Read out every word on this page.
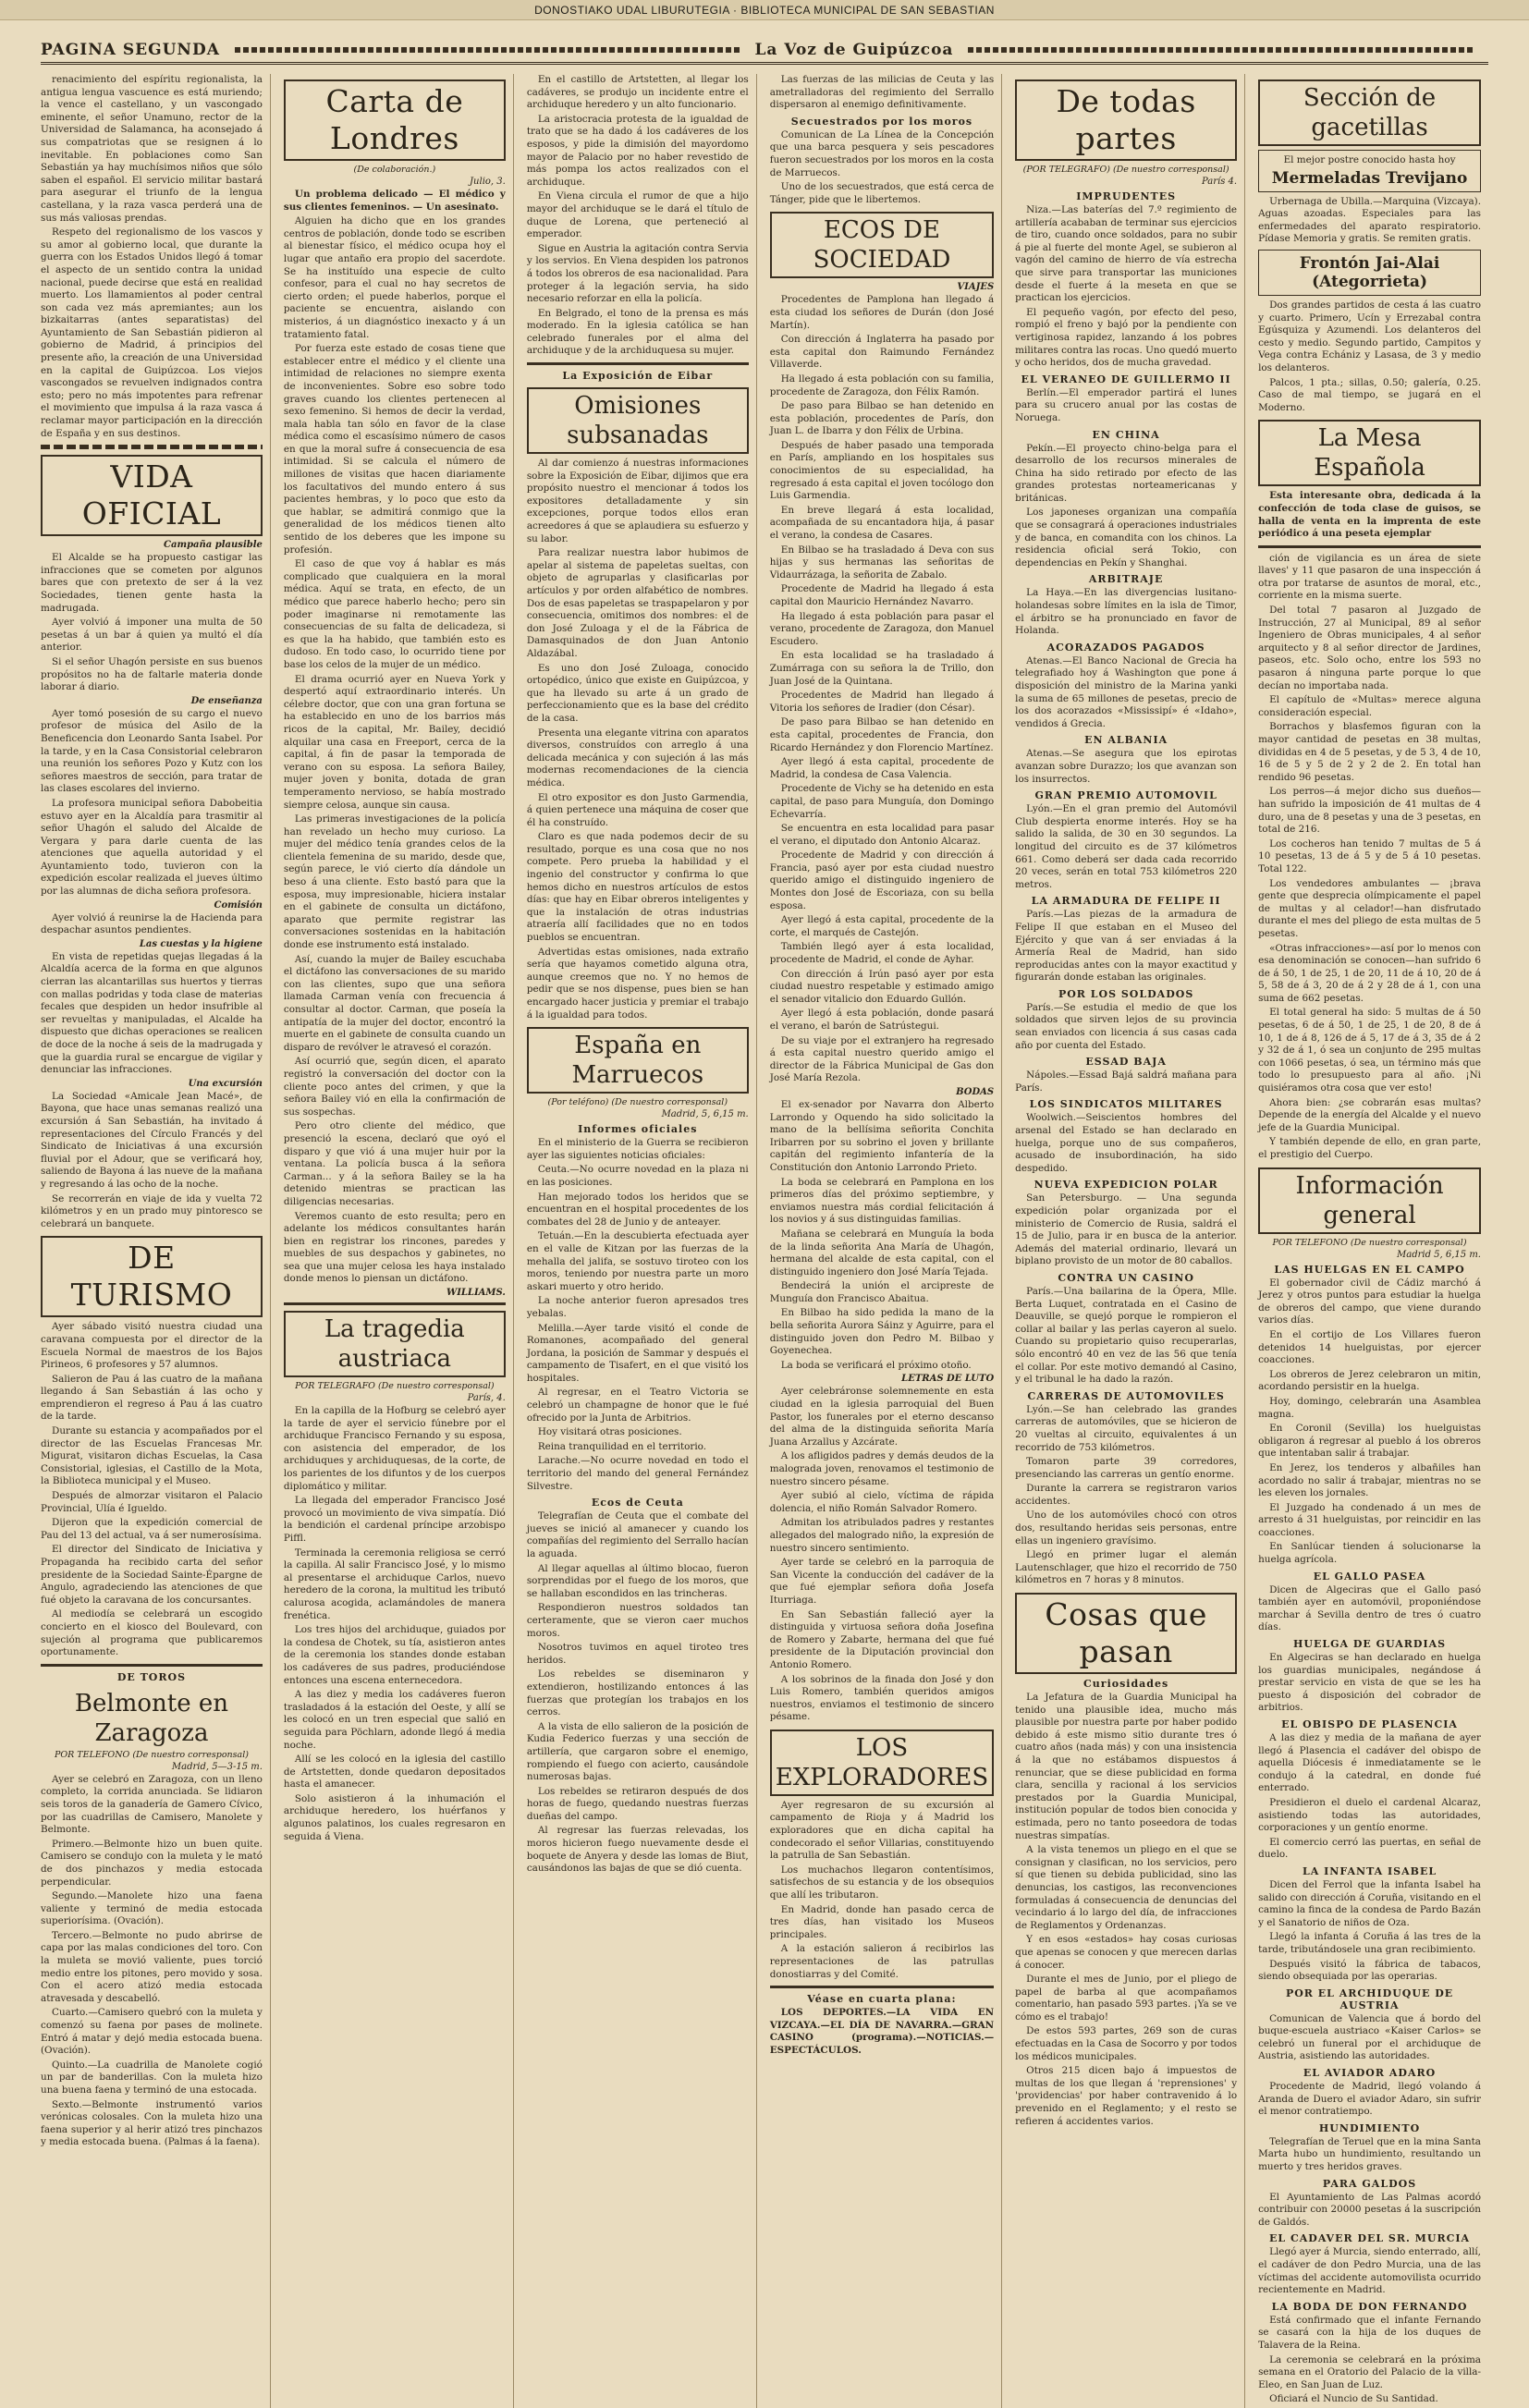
DONOSTIAKO UDAL LIBURUTEGIA · BIBLIOTECA MUNICIPAL DE SAN SEBASTIAN
PAGINA SEGUNDA	La Voz de Guipúzcoa

renacimiento del espíritu regionalista, la antigua lengua vascuence es está muriendo; la vence el castellano, y un vascongado eminente, el señor Unamuno, rector de la Universidad de Salamanca, ha aconsejado á sus compatriotas que se resignen á lo inevitable. En poblaciones como San Sebastián ya hay muchísimos niños que sólo saben el español. El servicio militar bastará para asegurar el triunfo de la lengua castellana, y la raza vasca perderá una de sus más valiosas prendas.

Respeto del regionalismo de los vascos y su amor al gobierno local, que durante la guerra con los Estados Unidos llegó á tomar el aspecto de un sentido contra la unidad nacional, puede decirse que está en realidad muerto. Los llamamientos al poder central son cada vez más apremiantes; aun los bizkaitarras (antes separatistas) del Ayuntamiento de San Sebastián pidieron al gobierno de Madrid, á principios del presente año, la creación de una Universidad en la capital de Guipúzcoa. Los viejos vascongados se revuelven indignados contra esto; pero no más impotentes para refrenar el movimiento que impulsa á la raza vasca á reclamar mayor participación en la dirección de España y en sus destinos.

VIDA OFICIAL
Campaña plausible

El Alcalde se ha propuesto castigar las infracciones que se cometen por algunos bares que con pretexto de ser á la vez Sociedades, tienen gente hasta la madrugada.

Ayer volvió á imponer una multa de 50 pesetas á un bar á quien ya multó el día anterior.

Si el señor Uhagón persiste en sus buenos propósitos no ha de faltarle materia donde laborar á diario.

De enseñanza

Ayer tomó posesión de su cargo el nuevo profesor de música del Asilo de la Beneficencia don Leonardo Santa Isabel. Por la tarde, y en la Casa Consistorial celebraron una reunión los señores Pozo y Kutz con los señores maestros de sección, para tratar de las clases escolares del invierno.

La profesora municipal señora Dabobeitia estuvo ayer en la Alcaldía para trasmitir al señor Uhagón el saludo del Alcalde de Vergara y para darle cuenta de las atenciones que aquella autoridad y el Ayuntamiento todo, tuvieron con la expedición escolar realizada el jueves último por las alumnas de dicha señora profesora.

Comisión

Ayer volvió á reunirse la de Hacienda para despachar asuntos pendientes.

Las cuestas y la higiene

En vista de repetidas quejas llegadas á la Alcaldía acerca de la forma en que algunos cierran las alcantarillas sus huertos y tierras con mallas podridas y toda clase de materias fecales que despiden un hedor insufrible al ser revueltas y manipuladas, el Alcalde ha dispuesto que dichas operaciones se realicen de doce de la noche á seis de la madrugada y que la guardia rural se encargue de vigilar y denunciar las infracciones.

Una excursión

La Sociedad «Amicale Jean Macé», de Bayona, que hace unas semanas realizó una excursión á San Sebastián, ha invitado á representaciones del Círculo Francés y del Sindicato de Iniciativas á una excursión fluvial por el Adour, que se verificará hoy, saliendo de Bayona á las nueve de la mañana y regresando á las ocho de la noche.

Se recorrerán en viaje de ida y vuelta 72 kilómetros y en un prado muy pintoresco se celebrará un banquete.

DE TURISMO

Ayer sábado visitó nuestra ciudad una caravana compuesta por el director de la Escuela Normal de maestros de los Bajos Pirineos, 6 profesores y 57 alumnos.

Salieron de Pau á las cuatro de la mañana llegando á San Sebastián á las ocho y emprendieron el regreso á Pau á las cuatro de la tarde.

Durante su estancia y acompañados por el director de las Escuelas Francesas Mr. Migurat, visitaron dichas Escuelas, la Casa Consistorial, iglesias, el Castillo de la Mota, la Biblioteca municipal y el Museo.

Después de almorzar visitaron el Palacio Provincial, Ulía é Igueldo.

Dijeron que la expedición comercial de Pau del 13 del actual, va á ser numerosísima.

El director del Sindicato de Iniciativa y Propaganda ha recibido carta del señor presidente de la Sociedad Sainte-Épargne de Angulo, agradeciendo las atenciones de que fué objeto la caravana de los concursantes.

Al mediodía se celebrará un escogido concierto en el kiosco del Boulevard, con sujeción al programa que publicaremos oportunamente.

DE TOROS
Belmonte en Zaragoza
POR TELEFONO (De nuestro corresponsal)
Madrid, 5—3-15 m.

Ayer se celebró en Zaragoza, con un lleno completo, la corrida anunciada. Se lidiaron seis toros de la ganadería de Gamero Cívico, por las cuadrillas de Camisero, Manolete y Belmonte.

Primero.—Belmonte hizo un buen quite. Camisero se condujo con la muleta y le mató de dos pinchazos y media estocada perpendicular.

Segundo.—Manolete hizo una faena valiente y terminó de media estocada superiorísima. (Ovación).

Tercero.—Belmonte no pudo abrirse de capa por las malas condiciones del toro. Con la muleta se movió valiente, pues torció medio entre los pitones, pero movido y sosa. Con el acero atizó media estocada atravesada y descabelló.

Cuarto.—Camisero quebró con la muleta y comenzó su faena por pases de molinete. Entró á matar y dejó media estocada buena. (Ovación).

Quinto.—La cuadrilla de Manolete cogió un par de banderillas. Con la muleta hizo una buena faena y terminó de una estocada.

Sexto.—Belmonte instrumentó varios verónicas colosales. Con la muleta hizo una faena superior y al herir atizó tres pinchazos y media estocada buena. (Palmas á la faena).

Carta de Londres
(De colaboración.)
Julio, 3.

Un problema delicado — El médico y sus clientes femeninos. — Un asesinato.

Alguien ha dicho que en los grandes centros de población, donde todo se escriben al bienestar físico, el médico ocupa hoy el lugar que antaño era propio del sacerdote. Se ha instituído una especie de culto confesor, para el cual no hay secretos de cierto orden; el puede haberlos, porque el paciente se encuentra, aislando con misterios, á un diagnóstico inexacto y á un tratamiento fatal.

Por fuerza este estado de cosas tiene que establecer entre el médico y el cliente una intimidad de relaciones no siempre exenta de inconvenientes. Sobre eso sobre todo graves cuando los clientes pertenecen al sexo femenino. Si hemos de decir la verdad, mala habla tan sólo en favor de la clase médica como el escasísimo número de casos en que la moral sufre á consecuencia de esa intimidad. Si se calcula el número de millones de visitas que hacen diariamente los facultativos del mundo entero á sus pacientes hembras, y lo poco que esto da que hablar, se admitirá conmigo que la generalidad de los médicos tienen alto sentido de los deberes que les impone su profesión.

El caso de que voy á hablar es más complicado que cualquiera en la moral médica. Aquí se trata, en efecto, de un médico que parece haberlo hecho; pero sin poder imaginarse ni remotamente las consecuencias de su falta de delicadeza, si es que la ha habido, que también esto es dudoso. En todo caso, lo ocurrido tiene por base los celos de la mujer de un médico.

El drama ocurrió ayer en Nueva York y despertó aquí extraordinario interés. Un célebre doctor, que con una gran fortuna se ha establecido en uno de los barrios más ricos de la capital, Mr. Bailey, decidió alquilar una casa en Freeport, cerca de la capital, á fin de pasar la temporada de verano con su esposa. La señora Bailey, mujer joven y bonita, dotada de gran temperamento nervioso, se había mostrado siempre celosa, aunque sin causa.

Las primeras investigaciones de la policía han revelado un hecho muy curioso. La mujer del médico tenía grandes celos de la clientela femenina de su marido, desde que, según parece, le vió cierto día dándole un beso á una cliente. Esto bastó para que la esposa, muy impresionable, hiciera instalar en el gabinete de consulta un dictáfono, aparato que permite registrar las conversaciones sostenidas en la habitación donde ese instrumento está instalado.

Así, cuando la mujer de Bailey escuchaba el dictáfono las conversaciones de su marido con las clientes, supo que una señora llamada Carman venía con frecuencia á consultar al doctor. Carman, que poseía la antipatía de la mujer del doctor, encontró la muerte en el gabinete de consulta cuando un disparo de revólver le atravesó el corazón.

Así ocurrió que, según dicen, el aparato registró la conversación del doctor con la cliente poco antes del crimen, y que la señora Bailey vió en ella la confirmación de sus sospechas.

Pero otro cliente del médico, que presenció la escena, declaró que oyó el disparo y que vió á una mujer huir por la ventana. La policía busca á la señora Carman... y á la señora Bailey se la ha detenido mientras se practican las diligencias necesarias.

Veremos cuanto de esto resulta; pero en adelante los médicos consultantes harán bien en registrar los rincones, paredes y muebles de sus despachos y gabinetes, no sea que una mujer celosa les haya instalado donde menos lo piensan un dictáfono.

WILLIAMS.
La tragedia austriaca
POR TELEGRAFO (De nuestro corresponsal)
París, 4.

En la capilla de la Hofburg se celebró ayer la tarde de ayer el servicio fúnebre por el archiduque Francisco Fernando y su esposa, con asistencia del emperador, de los archiduques y archiduquesas, de la corte, de los parientes de los difuntos y de los cuerpos diplomático y militar.

La llegada del emperador Francisco José provocó un movimiento de viva simpatía. Dió la bendición el cardenal príncipe arzobispo Piffl.

Terminada la ceremonia religiosa se cerró la capilla. Al salir Francisco José, y lo mismo al presentarse el archiduque Carlos, nuevo heredero de la corona, la multitud les tributó calurosa acogida, aclamándoles de manera frenética.

Los tres hijos del archiduque, guiados por la condesa de Chotek, su tía, asistieron antes de la ceremonia los standes donde estaban los cadáveres de sus padres, produciéndose entonces una escena enternecedora.

A las diez y media los cadáveres fueron trasladados á la estación del Oeste, y allí se les colocó en un tren especial que salió en seguida para Pöchlarn, adonde llegó á media noche.

Allí se les colocó en la iglesia del castillo de Artstetten, donde quedaron depositados hasta el amanecer.

Solo asistieron á la inhumación el archiduque heredero, los huérfanos y algunos palatinos, los cuales regresaron en seguida á Viena.

En el castillo de Artstetten, al llegar los cadáveres, se produjo un incidente entre el archiduque heredero y un alto funcionario.

La aristocracia protesta de la igualdad de trato que se ha dado á los cadáveres de los esposos, y pide la dimisión del mayordomo mayor de Palacio por no haber revestido de más pompa los actos realizados con el archiduque.

En Viena circula el rumor de que a hijo mayor del archiduque se le dará el título de duque de Lorena, que perteneció al emperador.

Sigue en Austria la agitación contra Servia y los servios. En Viena despiden los patronos á todos los obreros de esa nacionalidad. Para proteger á la legación servia, ha sido necesario reforzar en ella la policía.

En Belgrado, el tono de la prensa es más moderado. En la iglesia católica se han celebrado funerales por el alma del archiduque y de la archiduquesa su mujer.

La Exposición de Eibar
Omisiones subsanadas

Al dar comienzo á nuestras informaciones sobre la Exposición de Eibar, dijimos que era propósito nuestro el mencionar á todos los expositores detalladamente y sin excepciones, porque todos ellos eran acreedores á que se aplaudiera su esfuerzo y su labor.

Para realizar nuestra labor hubimos de apelar al sistema de papeletas sueltas, con objeto de agruparlas y clasificarlas por artículos y por orden alfabético de nombres. Dos de esas papeletas se traspapelaron y por consecuencia, omitimos dos nombres: el de don José Zuloaga y el de la Fábrica de Damasquinados de don Juan Antonio Aldazábal.

Es uno don José Zuloaga, conocido ortopédico, único que existe en Guipúzcoa, y que ha llevado su arte á un grado de perfeccionamiento que es la base del crédito de la casa.

Presenta una elegante vitrina con aparatos diversos, construídos con arreglo á una delicada mecánica y con sujeción á las más modernas recomendaciones de la ciencia médica.

El otro expositor es don Justo Garmendia, á quien pertenece una máquina de coser que él ha construído.

Claro es que nada podemos decir de su resultado, porque es una cosa que no nos compete. Pero prueba la habilidad y el ingenio del constructor y confirma lo que hemos dicho en nuestros artículos de estos días: que hay en Eibar obreros inteligentes y que la instalación de otras industrias atraería allí facilidades que no en todos pueblos se encuentran.

Advertidas estas omisiones, nada extraño sería que hayamos cometido alguna otra, aunque creemos que no. Y no hemos de pedir que se nos dispense, pues bien se han encargado hacer justicia y premiar el trabajo á la igualdad para todos.

España en Marruecos
(Por teléfono) (De nuestro corresponsal)
Madrid, 5, 6,15 m.
Informes oficiales

En el ministerio de la Guerra se recibieron ayer las siguientes noticias oficiales:

Ceuta.—No ocurre novedad en la plaza ni en las posiciones.

Han mejorado todos los heridos que se encuentran en el hospital procedentes de los combates del 28 de Junio y de anteayer.

Tetuán.—En la descubierta efectuada ayer en el valle de Kitzan por las fuerzas de la mehalla del jalifa, se sostuvo tiroteo con los moros, teniendo por nuestra parte un moro askari muerto y otro herido.

La noche anterior fueron apresados tres yebalas.

Melilla.—Ayer tarde visitó el conde de Romanones, acompañado del general Jordana, la posición de Sammar y después el campamento de Tisafert, en el que visitó los hospitales.

Al regresar, en el Teatro Victoria se celebró un champagne de honor que le fué ofrecido por la Junta de Arbitrios.

Hoy visitará otras posiciones.

Reina tranquilidad en el territorio.

Larache.—No ocurre novedad en todo el territorio del mando del general Fernández Silvestre.

Ecos de Ceuta

Telegrafían de Ceuta que el combate del jueves se inició al amanecer y cuando los compañías del regimiento del Serrallo hacían la aguada.

Al llegar aquellas al último blocao, fueron sorprendidas por el fuego de los moros, que se hallaban escondidos en las trincheras.

Respondieron nuestros soldados tan certeramente, que se vieron caer muchos moros.

Nosotros tuvimos en aquel tiroteo tres heridos.

Los rebeldes se diseminaron y extendieron, hostilizando entonces á las fuerzas que protegían los trabajos en los cerros.

A la vista de ello salieron de la posición de Kudia Federico fuerzas y una sección de artillería, que cargaron sobre el enemigo, rompiendo el fuego con acierto, causándole numerosas bajas.

Los rebeldes se retiraron después de dos horas de fuego, quedando nuestras fuerzas dueñas del campo.

Al regresar las fuerzas relevadas, los moros hicieron fuego nuevamente desde el boquete de Anyera y desde las lomas de Biut, causándonos las bajas de que se dió cuenta.

Las fuerzas de las milicias de Ceuta y las ametralladoras del regimiento del Serrallo dispersaron al enemigo definitivamente.

Secuestrados por los moros

Comunican de La Línea de la Concepción que una barca pesquera y seis pescadores fueron secuestrados por los moros en la costa de Marruecos.

Uno de los secuestrados, que está cerca de Tánger, pide que le libertemos.

ECOS DE SOCIEDAD
VIAJES

Procedentes de Pamplona han llegado á esta ciudad los señores de Durán (don José Martín).

Con dirección á Inglaterra ha pasado por esta capital don Raimundo Fernández Villaverde.

Ha llegado á esta población con su familia, procedente de Zaragoza, don Félix Ramón.

De paso para Bilbao se han detenido en esta población, procedentes de París, don Juan L. de Ibarra y don Félix de Urbina.

Después de haber pasado una temporada en París, ampliando en los hospitales sus conocimientos de su especialidad, ha regresado á esta capital el joven tocólogo don Luis Garmendia.

En breve llegará á esta localidad, acompañada de su encantadora hija, á pasar el verano, la condesa de Casares.

En Bilbao se ha trasladado á Deva con sus hijas y sus hermanas las señoritas de Vidaurrázaga, la señorita de Zabalo.

Procedente de Madrid ha llegado á esta capital don Mauricio Hernández Navarro.

Ha llegado á esta población para pasar el verano, procedente de Zaragoza, don Manuel Escudero.

En esta localidad se ha trasladado á Zumárraga con su señora la de Trillo, don Juan José de la Quintana.

Procedentes de Madrid han llegado á Vitoria los señores de Iradier (don César).

De paso para Bilbao se han detenido en esta capital, procedentes de Francia, don Ricardo Hernández y don Florencio Martínez.

Ayer llegó á esta capital, procedente de Madrid, la condesa de Casa Valencia.

Procedente de Vichy se ha detenido en esta capital, de paso para Munguía, don Domingo Echevarría.

Se encuentra en esta localidad para pasar el verano, el diputado don Antonio Alcaraz.

Procedente de Madrid y con dirección á Francia, pasó ayer por esta ciudad nuestro querido amigo el distinguido ingeniero de Montes don José de Escoriaza, con su bella esposa.

Ayer llegó á esta capital, procedente de la corte, el marqués de Castejón.

También llegó ayer á esta localidad, procedente de Madrid, el conde de Ayhar.

Con dirección á Irún pasó ayer por esta ciudad nuestro respetable y estimado amigo el senador vitalicio don Eduardo Gullón.

Ayer llegó á esta población, donde pasará el verano, el barón de Satrústegui.

De su viaje por el extranjero ha regresado á esta capital nuestro querido amigo el director de la Fábrica Municipal de Gas don José María Rezola.

BODAS

El ex-senador por Navarra don Alberto Larrondo y Oquendo ha sido solicitado la mano de la bellísima señorita Conchita Iribarren por su sobrino el joven y brillante capitán del regimiento infantería de la Constitución don Antonio Larrondo Prieto.

La boda se celebrará en Pamplona en los primeros días del próximo septiembre, y enviamos nuestra más cordial felicitación á los novios y á sus distinguidas familias.

Mañana se celebrará en Munguía la boda de la linda señorita Ana María de Uhagón, hermana del alcalde de esta capital, con el distinguido ingeniero don José María Tejada.

Bendecirá la unión el arcipreste de Munguía don Francisco Abaitua.

En Bilbao ha sido pedida la mano de la bella señorita Aurora Sáinz y Aguirre, para el distinguido joven don Pedro M. Bilbao y Goyenechea.

La boda se verificará el próximo otoño.

LETRAS DE LUTO

Ayer celebráronse solemnemente en esta ciudad en la iglesia parroquial del Buen Pastor, los funerales por el eterno descanso del alma de la distinguida señorita María Juana Arzallus y Azcárate.

A los afligidos padres y demás deudos de la malograda joven, renovamos el testimonio de nuestro sincero pésame.

Ayer subió al cielo, víctima de rápida dolencia, el niño Román Salvador Romero.

Admitan los atribulados padres y restantes allegados del malogrado niño, la expresión de nuestro sincero sentimiento.

Ayer tarde se celebró en la parroquia de San Vicente la conducción del cadáver de la que fué ejemplar señora doña Josefa Iturriaga.

En San Sebastián falleció ayer la distinguida y virtuosa señora doña Josefina de Romero y Zabarte, hermana del que fué presidente de la Diputación provincial don Antonio Romero.

A los sobrinos de la finada don José y don Luis Romero, también queridos amigos nuestros, enviamos el testimonio de sincero pésame.

LOS EXPLORADORES

Ayer regresaron de su excursión al campamento de Rioja y á Madrid los exploradores que en dicha capital ha condecorado el señor Villarias, constituyendo la patrulla de San Sebastián.

Los muchachos llegaron contentísimos, satisfechos de su estancia y de los obsequios que allí les tributaron.

En Madrid, donde han pasado cerca de tres días, han visitado los Museos principales.

A la estación salieron á recibirlos las representaciones de las patrullas donostiarras y del Comité.

Véase en cuarta plana:

LOS DEPORTES.—LA VIDA EN VIZCAYA.—EL DÍA DE NAVARRA.—GRAN CASINO (programa).—NOTICIAS.—ESPECTÁCULOS.

De todas partes
(POR TELEGRAFO) (De nuestro corresponsal)
París 4.
IMPRUDENTES

Niza.—Las baterías del 7.º regimiento de artillería acababan de terminar sus ejercicios de tiro, cuando once soldados, para no subir á pie al fuerte del monte Agel, se subieron al vagón del camino de hierro de vía estrecha que sirve para transportar las municiones desde el fuerte á la meseta en que se practican los ejercicios.

El pequeño vagón, por efecto del peso, rompió el freno y bajó por la pendiente con vertiginosa rapidez, lanzando á los pobres militares contra las rocas. Uno quedó muerto y ocho heridos, dos de mucha gravedad.

EL VERANEO DE GUILLERMO II

Berlín.—El emperador partirá el lunes para su crucero anual por las costas de Noruega.

EN CHINA

Pekín.—El proyecto chino-belga para el desarrollo de los recursos minerales de China ha sido retirado por efecto de las grandes protestas norteamericanas y británicas.

Los japoneses organizan una compañía que se consagrará á operaciones industriales y de banca, en comandita con los chinos. La residencia oficial será Tokio, con dependencias en Pekín y Shanghai.

ARBITRAJE

La Haya.—En las divergencias lusitano-holandesas sobre límites en la isla de Timor, el árbitro se ha pronunciado en favor de Holanda.

ACORAZADOS PAGADOS

Atenas.—El Banco Nacional de Grecia ha telegrafiado hoy á Washington que pone á disposición del ministro de la Marina yanki la suma de 65 millones de pesetas, precio de los dos acorazados «Mississipí» é «Idaho», vendidos á Grecia.

EN ALBANIA

Atenas.—Se asegura que los epirotas avanzan sobre Durazzo; los que avanzan son los insurrectos.

GRAN PREMIO AUTOMOVIL

Lyón.—En el gran premio del Automóvil Club despierta enorme interés. Hoy se ha salido la salida, de 30 en 30 segundos. La longitud del circuito es de 37 kilómetros 661. Como deberá ser dada cada recorrido 20 veces, serán en total 753 kilómetros 220 metros.

LA ARMADURA DE FELIPE II

París.—Las piezas de la armadura de Felipe II que estaban en el Museo del Ejército y que van á ser enviadas á la Armería Real de Madrid, han sido reproducidas antes con la mayor exactitud y figurarán donde estaban las originales.

POR LOS SOLDADOS

París.—Se estudia el medio de que los soldados que sirven lejos de su provincia sean enviados con licencia á sus casas cada año por cuenta del Estado.

ESSAD BAJA

Nápoles.—Essad Bajá saldrá mañana para París.

LOS SINDICATOS MILITARES

Woolwich.—Seiscientos hombres del arsenal del Estado se han declarado en huelga, porque uno de sus compañeros, acusado de insubordinación, ha sido despedido.

NUEVA EXPEDICION POLAR

San Petersburgo. — Una segunda expedición polar organizada por el ministerio de Comercio de Rusia, saldrá el 15 de Julio, para ir en busca de la anterior. Además del material ordinario, llevará un biplano provisto de un motor de 80 caballos.

CONTRA UN CASINO

París.—Una bailarina de la Ópera, Mlle. Berta Luquet, contratada en el Casino de Deauville, se quejó porque le rompieron el collar al bailar y las perlas cayeron al suelo. Cuando su propietario quiso recuperarlas, sólo encontró 40 en vez de las 56 que tenía el collar. Por este motivo demandó al Casino, y el tribunal le ha dado la razón.

CARRERAS DE AUTOMOVILES

Lyón.—Se han celebrado las grandes carreras de automóviles, que se hicieron de 20 vueltas al circuito, equivalentes á un recorrido de 753 kilómetros.

Tomaron parte 39 corredores, presenciando las carreras un gentío enorme.

Durante la carrera se registraron varios accidentes.

Uno de los automóviles chocó con otros dos, resultando heridas seis personas, entre ellas un ingeniero gravísimo.

Llegó en primer lugar el alemán Lautenschlager, que hizo el recorrido de 750 kilómetros en 7 horas y 8 minutos.

Cosas que pasan
Curiosidades

La Jefatura de la Guardia Municipal ha tenido una plausible idea, mucho más plausible por nuestra parte por haber podido debido á este mismo sitio durante tres ó cuatro años (nada más) y con una insistencia á la que no estábamos dispuestos á renunciar, que se diese publicidad en forma clara, sencilla y racional á los servicios prestados por la Guardia Municipal, institución popular de todos bien conocida y estimada, pero no tanto poseedora de todas nuestras simpatías.

A la vista tenemos un pliego en el que se consignan y clasifican, no los servicios, pero sí que tienen su debida publicidad, sino las denuncias, los castigos, las reconvenciones formuladas á consecuencia de denuncias del vecindario á lo largo del día, de infracciones de Reglamentos y Ordenanzas.

Y en esos «estados» hay cosas curiosas que apenas se conocen y que merecen darlas á conocer.

Durante el mes de Junio, por el pliego de papel de barba al que acompañamos comentario, han pasado 593 partes. ¡Ya se ve cómo es el trabajo!

De estos 593 partes, 269 son de curas efectuadas en la Casa de Socorro y por todos los médicos municipales.

Otros 215 dicen bajo á impuestos de multas de los que llegan á 'reprensiones' y 'providencias' por haber contravenido á lo prevenido en el Reglamento; y el resto se refieren á accidentes varios.

Sección de gacetillas

El mejor postre conocido hasta hoy

Mermeladas Trevijano

Urbernaga de Ubilla.—Marquina (Vizcaya). Aguas azoadas. Especiales para las enfermedades del aparato respiratorio. Pídase Memoria y gratis. Se remiten gratis.

Frontón Jai-Alai (Ategorrieta)

Dos grandes partidos de cesta á las cuatro y cuarto. Primero, Ucín y Errezabal contra Egúsquiza y Azumendi. Los delanteros del cesto y medio. Segundo partido, Campitos y Vega contra Echániz y Lasasa, de 3 y medio los delanteros.

Palcos, 1 pta.; sillas, 0.50; galería, 0.25. Caso de mal tiempo, se jugará en el Moderno.

La Mesa Española

Esta interesante obra, dedicada á la confección de toda clase de guisos, se halla de venta en la imprenta de este periódico á una peseta ejemplar

ción de vigilancia es un área de siete llaves' y 11 que pasaron de una inspección á otra por tratarse de asuntos de moral, etc., corriente en la misma suerte.

Del total 7 pasaron al Juzgado de Instrucción, 27 al Municipal, 89 al señor Ingeniero de Obras municipales, 4 al señor arquitecto y 8 al señor director de Jardines, paseos, etc. Solo ocho, entre los 593 no pasaron á ninguna parte porque lo que decían no importaba nada.

El capítulo de «Multas» merece alguna consideración especial.

Borrachos y blasfemos figuran con la mayor cantidad de pesetas en 38 multas, divididas en 4 de 5 pesetas, y de 5 3, 4 de 10, 16 de 5 y 5 de 2 y 2 de 2. En total han rendido 96 pesetas.

Los perros—á mejor dicho sus dueños—han sufrido la imposición de 41 multas de 4 duro, una de 8 pesetas y una de 3 pesetas, en total de 216.

Los cocheros han tenido 7 multas de 5 á 10 pesetas, 13 de á 5 y de 5 á 10 pesetas. Total 122.

Los vendedores ambulantes — ¡brava gente que desprecia olímpicamente el papel de multas y al celador!—han disfrutado durante el mes del pliego de esta multas de 5 pesetas.

«Otras infracciones»—así por lo menos con esa denominación se conocen—han sufrido 6 de á 50, 1 de 25, 1 de 20, 11 de á 10, 20 de á 5, 58 de á 3, 20 de á 2 y 28 de á 1, con una suma de 662 pesetas.

El total general ha sido: 5 multas de á 50 pesetas, 6 de á 50, 1 de 25, 1 de 20, 8 de á 10, 1 de á 8, 126 de á 5, 17 de á 3, 35 de á 2 y 32 de á 1, ó sea un conjunto de 295 multas con 1066 pesetas, ó sea, un término más que todo lo presupuesto para al año. ¡Ni quisiéramos otra cosa que ver esto!

Ahora bien: ¿se cobrarán esas multas? Depende de la energía del Alcalde y el nuevo jefe de la Guardia Municipal.

Y también depende de ello, en gran parte, el prestigio del Cuerpo.

Información general
POR TELEFONO (De nuestro corresponsal)
Madrid 5, 6,15 m.
LAS HUELGAS EN EL CAMPO

El gobernador civil de Cádiz marchó á Jerez y otros puntos para estudiar la huelga de obreros del campo, que viene durando varios días.

En el cortijo de Los Villares fueron detenidos 14 huelguistas, por ejercer coacciones.

Los obreros de Jerez celebraron un mitin, acordando persistir en la huelga.

Hoy, domingo, celebrarán una Asamblea magna.

En Coronil (Sevilla) los huelguistas obligaron á regresar al pueblo á los obreros que intentaban salir á trabajar.

En Jerez, los tenderos y albañiles han acordado no salir á trabajar, mientras no se les eleven los jornales.

El Juzgado ha condenado á un mes de arresto á 31 huelguistas, por reincidir en las coacciones.

En Sanlúcar tienden á solucionarse la huelga agrícola.

EL GALLO PASEA

Dicen de Algeciras que el Gallo pasó también ayer en automóvil, proponiéndose marchar á Sevilla dentro de tres ó cuatro días.

HUELGA DE GUARDIAS

En Algeciras se han declarado en huelga los guardias municipales, negándose á prestar servicio en vista de que se les ha puesto á disposición del cobrador de arbitrios.

EL OBISPO DE PLASENCIA

A las diez y media de la mañana de ayer llegó á Plasencia el cadáver del obispo de aquella Diócesis é inmediatamente se le condujo á la catedral, en donde fué enterrado.

Presidieron el duelo el cardenal Alcaraz, asistiendo todas las autoridades, corporaciones y un gentío enorme.

El comercio cerró las puertas, en señal de duelo.

LA INFANTA ISABEL

Dicen del Ferrol que la infanta Isabel ha salido con dirección á Coruña, visitando en el camino la finca de la condesa de Pardo Bazán y el Sanatorio de niños de Oza.

Llegó la infanta á Coruña á las tres de la tarde, tributándosele una gran recibimiento.

Después visitó la fábrica de tabacos, siendo obsequiada por las operarias.

POR EL ARCHIDUQUE DE AUSTRIA

Comunican de Valencia que á bordo del buque-escuela austriaco «Kaiser Carlos» se celebró un funeral por el archiduque de Austria, asistiendo las autoridades.

EL AVIADOR ADARO

Procedente de Madrid, llegó volando á Aranda de Duero el aviador Adaro, sin sufrir el menor contratiempo.

HUNDIMIENTO

Telegrafían de Teruel que en la mina Santa Marta hubo un hundimiento, resultando un muerto y tres heridos graves.

PARA GALDOS

El Ayuntamiento de Las Palmas acordó contribuir con 20000 pesetas á la suscripción de Galdós.

EL CADAVER DEL SR. MURCIA

Llegó ayer á Murcia, siendo enterrado, allí, el cadáver de don Pedro Murcia, una de las víctimas del accidente automovilista ocurrido recientemente en Madrid.

LA BODA DE DON FERNANDO

Está confirmado que el infante Fernando se casará con la hija de los duques de Talavera de la Reina.

La ceremonia se celebrará en la próxima semana en el Oratorio del Palacio de la villa-Eleo, en San Juan de Luz.

Oficiará el Nuncio de Su Santidad.
